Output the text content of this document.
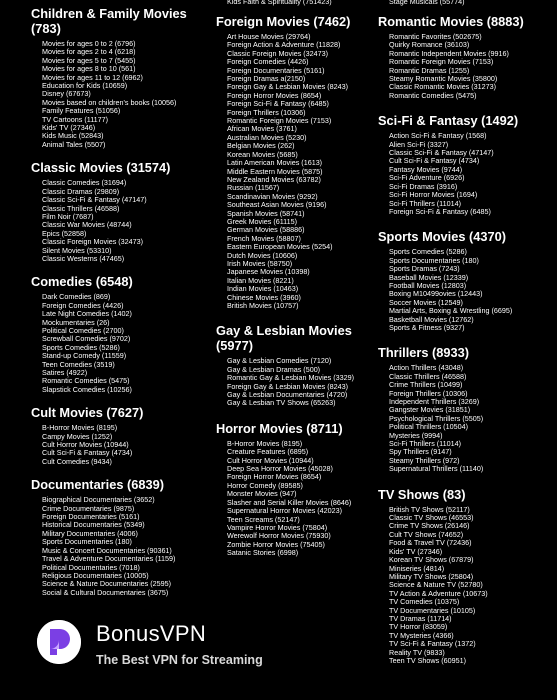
Children & Family Movies (783)
Movies for ages 0 to 2 (6796)
Movies for ages 2 to 4 (6218)
Movies for ages 5 to 7 (5455)
Movies for ages 8 to 10 (561)
Movies for ages 11 to 12 (6962)
Education for Kids (10659)
Disney (67673)
Movies based on children's books (10056)
Family Features (51056)
TV Cartoons (11177)
Kids' TV (27346)
Kids Music (52843)
Animal Tales (5507)
Classic Movies (31574)
Classic Comedies (31694)
Classic Dramas (29809)
Classic Sci-Fi & Fantasy (47147)
Classic Thrillers (46588)
Film Noir (7687)
Classic War Movies (48744)
Epics (52858)
Classic Foreign Movies (32473)
Silent Movies (53310)
Classic Westerns (47465)
Comedies (6548)
Dark Comedies (869)
Foreign Comedies (4426)
Late Night Comedies (1402)
Mockumentaries (26)
Political Comedies (2700)
Screwball Comedies (9702)
Sports Comedies (5286)
Stand-up Comedy (11559)
Teen Comedies (3519)
Satires (4922)
Romantic Comedies (5475)
Slapstick Comedies (10256)
Cult Movies (7627)
B-Horror Movies (8195)
Campy Movies (1252)
Cult Horror Movies (10944)
Cult Sci-Fi & Fantasy (4734)
Cult Comedies (9434)
Documentaries (6839)
Biographical Documentaries (3652)
Crime Documentaries (9875)
Foreign Documentaries (5161)
Historical Documentaries (5349)
Military Documentaries (4006)
Sports Documentaries (180)
Music & Concert Documentaries (90361)
Travel & Adventure Documentaries (1159)
Political Documentaries (7018)
Religious Documentaries (10005)
Science & Nature Documentaries (2595)
Social & Cultural Documentaries (3675)
Kids Faith & Spirituality (751423)
Foreign Movies (7462)
Art House Movies (29764)
Foreign Action & Adventure (11828)
Classic Foreign Movies (32473)
Foreign Comedies (4426)
Foreign Documentaries (5161)
Foreign Dramas a(2150)
Foreign Gay & Lesbian Movies (8243)
Foreign Horror Movies (8654)
Foreign Sci-Fi & Fantasy (6485)
Foreign Thrillers (10306)
Romantic Foreign Movies (7153)
African Movies (3761)
Australian Movies (5230)
Belgian Movies (262)
Korean Movies (5685)
Latin American Movies (1613)
Middle Eastern Movies (5875)
New Zealand Movies (63782)
Russian (11567)
Scandinavian Movies (9292)
Southeast Asian Movies (9196)
Spanish Movies (58741)
Greek Movies (61115)
German Movies (58886)
French Movies (58807)
Eastern European Movies (5254)
Dutch Movies (10606)
Irish Movies (58750)
Japanese Movies (10398)
Italian Movies (8221)
Indian Movies (10463)
Chinese Movies (3960)
British Movies (10757)
Gay & Lesbian Movies (5977)
Gay & Lesbian Comedies (7120)
Gay & Lesbian Dramas (500)
Romantic Gay & Lesbian Movies (3329)
Foreign Gay & Lesbian Movies (8243)
Gay & Lesbian Documentaries (4720)
Gay & Lesbian TV Shows (65263)
Horror Movies (8711)
B-Horror Movies (8195)
Creature Features (6895)
Cult Horror Movies (10944)
Deep Sea Horror Movies (45028)
Foreign Horror Movies (8654)
Horror Comedy (89585)
Monster Movies (947)
Slasher and Serial Killer Movies (8646)
Supernatural Horror Movies (42023)
Teen Screams (52147)
Vampire Horror Movies (75804)
Werewolf Horror Movies (75930)
Zombie Horror Movies (75405)
Satanic Stories (6998)
Stage Musicals (55774)
Romantic Movies (8883)
Romantic Favorites (502675)
Quirky Romance (36103)
Romantic Independent Movies (9916)
Romantic Foreign Movies (7153)
Romantic Dramas (1255)
Steamy Romantic Movies (35800)
Classic Romantic Movies (31273)
Romantic Comedies (5475)
Sci-Fi & Fantasy (1492)
Action Sci-Fi & Fantasy (1568)
Alien Sci-Fi (3327)
Classic Sci-Fi & Fantasy (47147)
Cult Sci-Fi & Fantasy (4734)
Fantasy Movies (9744)
Sci-Fi Adventure (6926)
Sci-Fi Dramas (3916)
Sci-Fi Horror Movies (1694)
Sci-Fi Thrillers (11014)
Foreign Sci-Fi & Fantasy (6485)
Sports Movies (4370)
Sports Comedies (5286)
Sports Documentaries (180)
Sports Dramas (7243)
Baseball Movies (12339)
Football Movies (12803)
Boxing M10499ovies (12443)
Soccer Movies (12549)
Martial Arts, Boxing & Wrestling (6695)
Basketball Movies (12762)
Sports & Fitness (9327)
Thrillers (8933)
Action Thrillers (43048)
Classic Thrillers (46588)
Crime Thrillers (10499)
Foreign Thrillers (10306)
Independent Thrillers (3269)
Gangster Movies (31851)
Psychological Thrillers (5505)
Political Thrillers (10504)
Mysteries (9994)
Sci-Fi Thrillers (11014)
Spy Thrillers (9147)
Steamy Thrillers (972)
Supernatural Thrillers (11140)
TV Shows (83)
British TV Shows (52117)
Classic TV Shows (46553)
Crime TV Shows (26146)
Cult TV Shows (74652)
Food & Travel TV (72436)
Kids' TV (27346)
Korean TV Shows (67879)
Miniseries (4814)
Military TV Shows (25804)
Science & Nature TV (52780)
TV Action & Adventure (10673)
TV Comedies (10375)
TV Documentaries (10105)
TV Dramas (11714)
TV Horror (83059)
TV Mysteries (4366)
TV Sci-Fi & Fantasy (1372)
Reality TV (9833)
Teen TV Shows (60951)
BonusVPN
The Best VPN for Streaming
